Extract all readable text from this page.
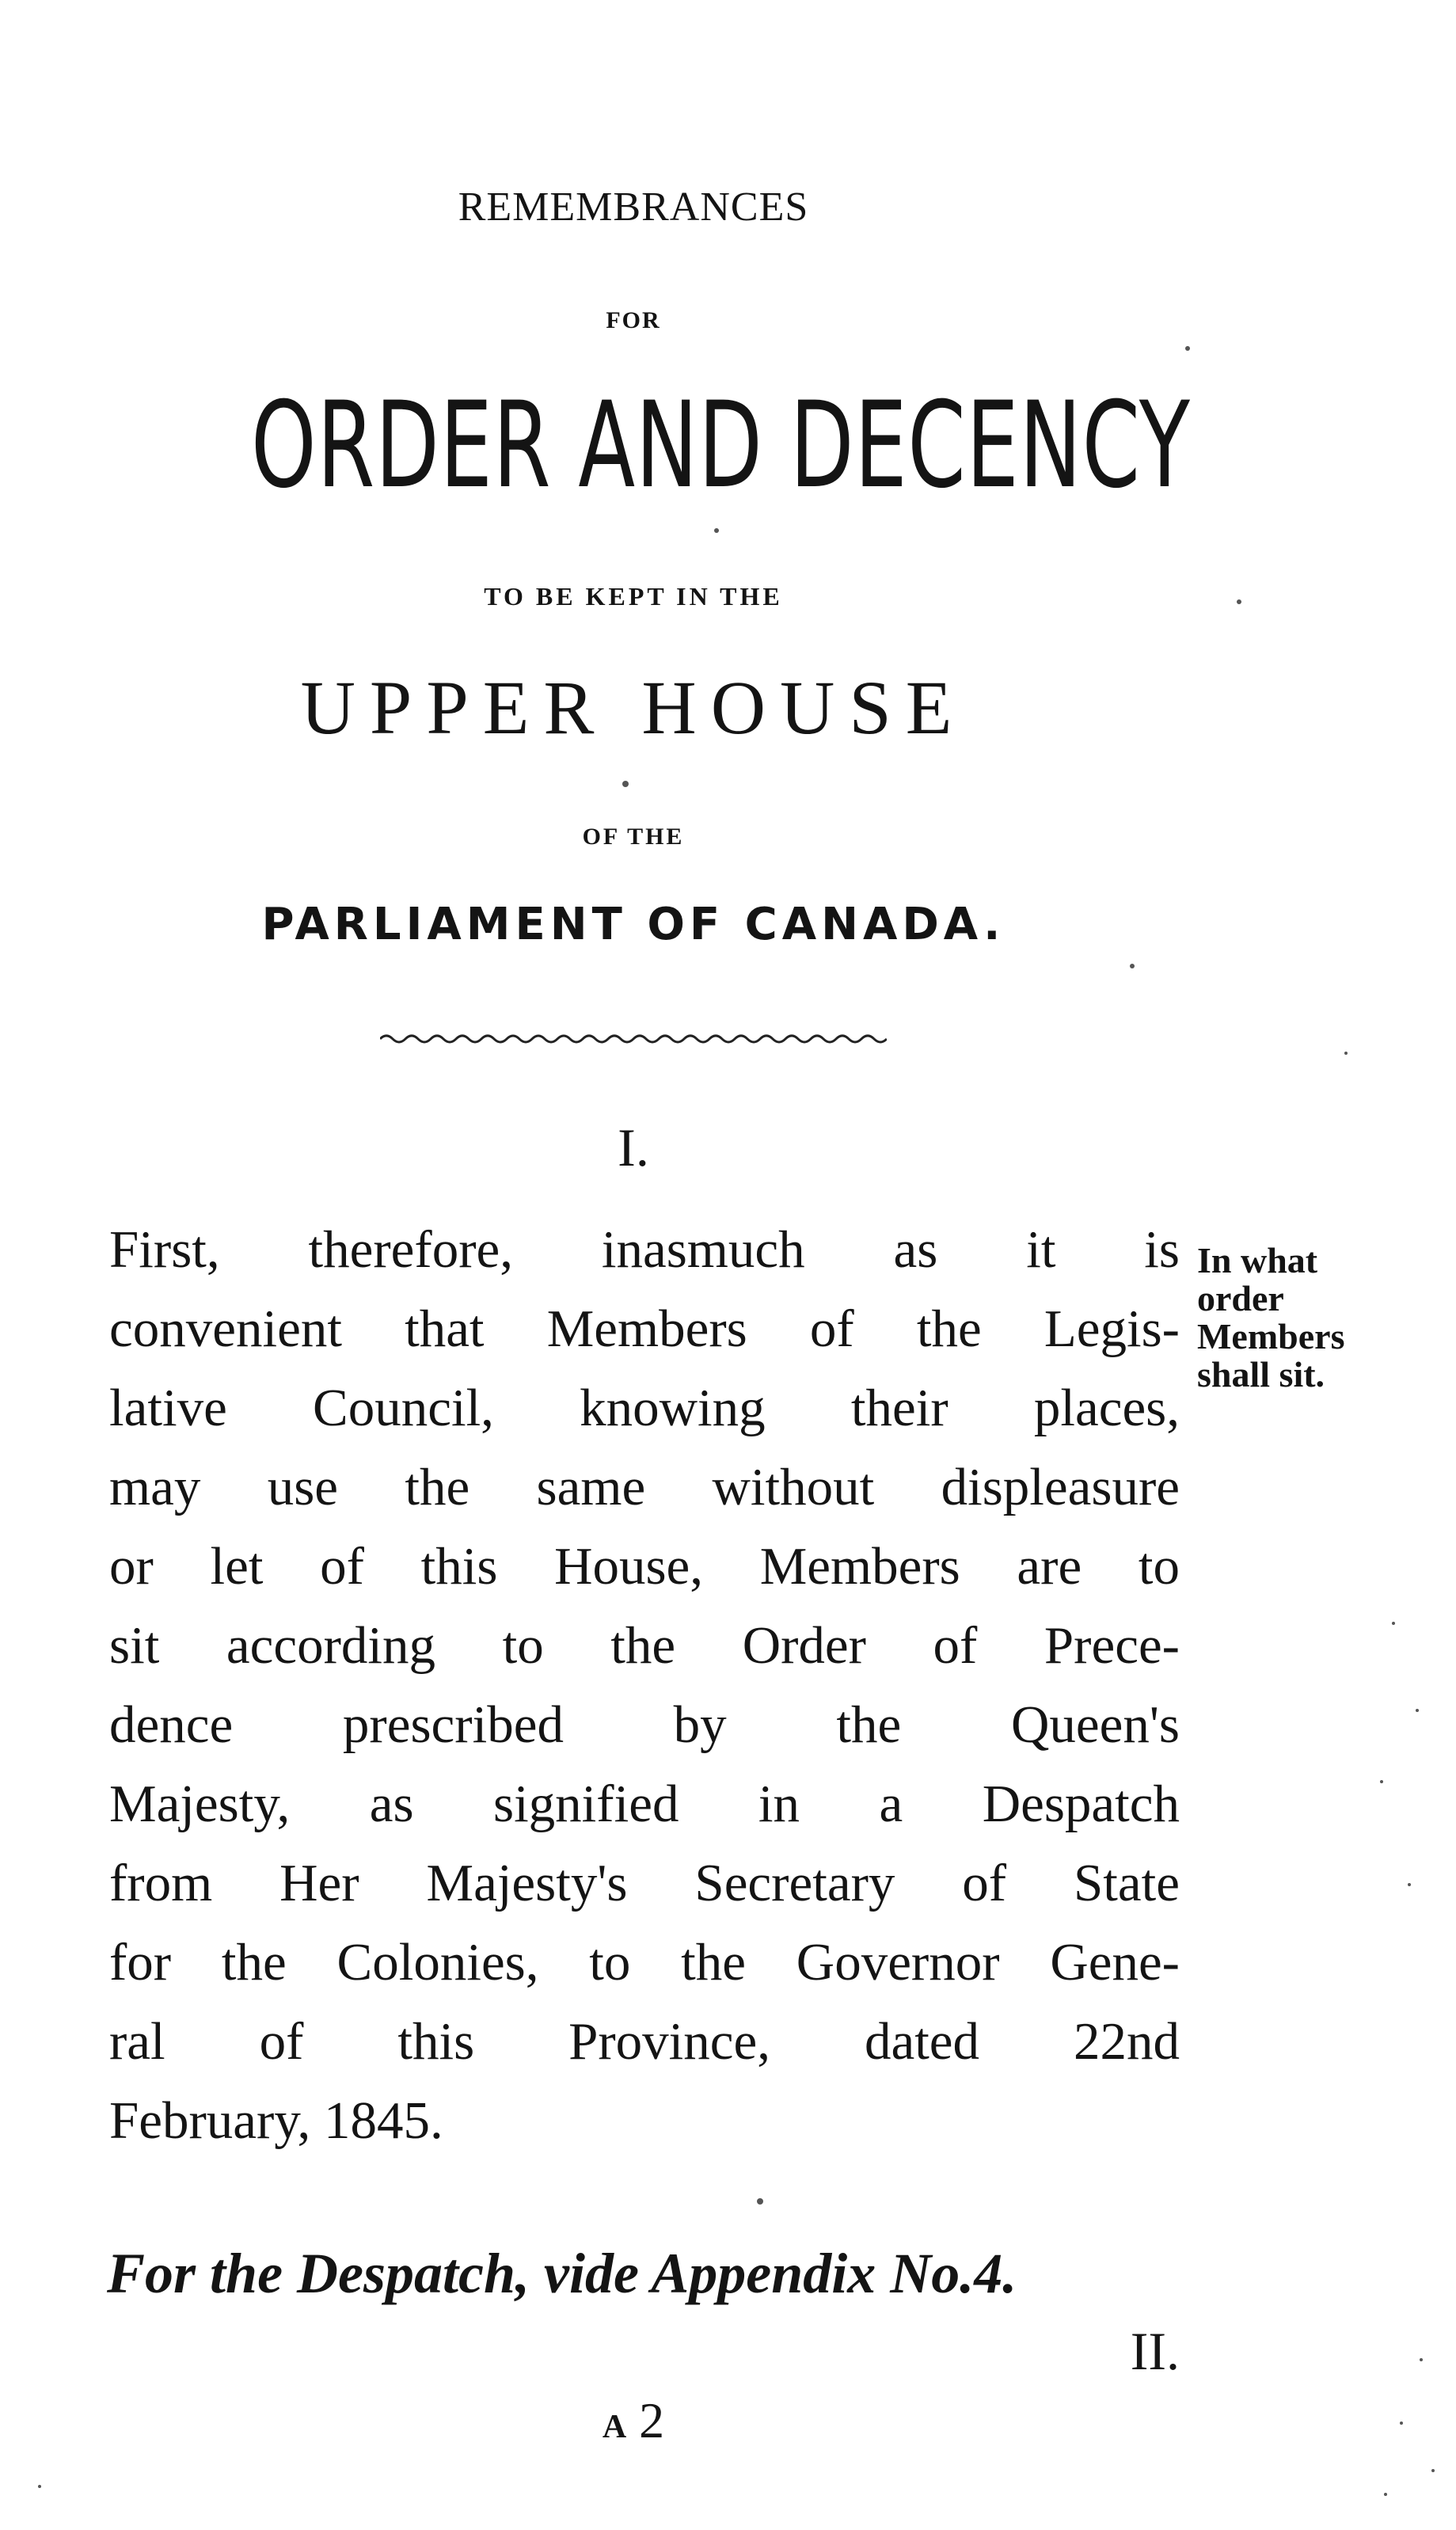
REMEMBRANCES
FOR
ORDER AND DECENCY
TO BE KEPT IN THE
UPPER HOUSE
OF THE
PARLIAMENT OF CANADA.
I.
First, therefore, inasmuch as it is
convenient that Members of the Legis-
lative Council, knowing their places,
may use the same without displeasure
or let of this House, Members are to
sit according to the Order of Prece-
dence prescribed by the Queen's
Majesty, as signified in a Despatch
from Her Majesty's Secretary of State
for the Colonies, to the Governor Gene-
ral of this Province, dated 22nd
February, 1845.
In what
order
Members
shall sit.
For the Despatch, vide Appendix No.4.
II.
A 2
